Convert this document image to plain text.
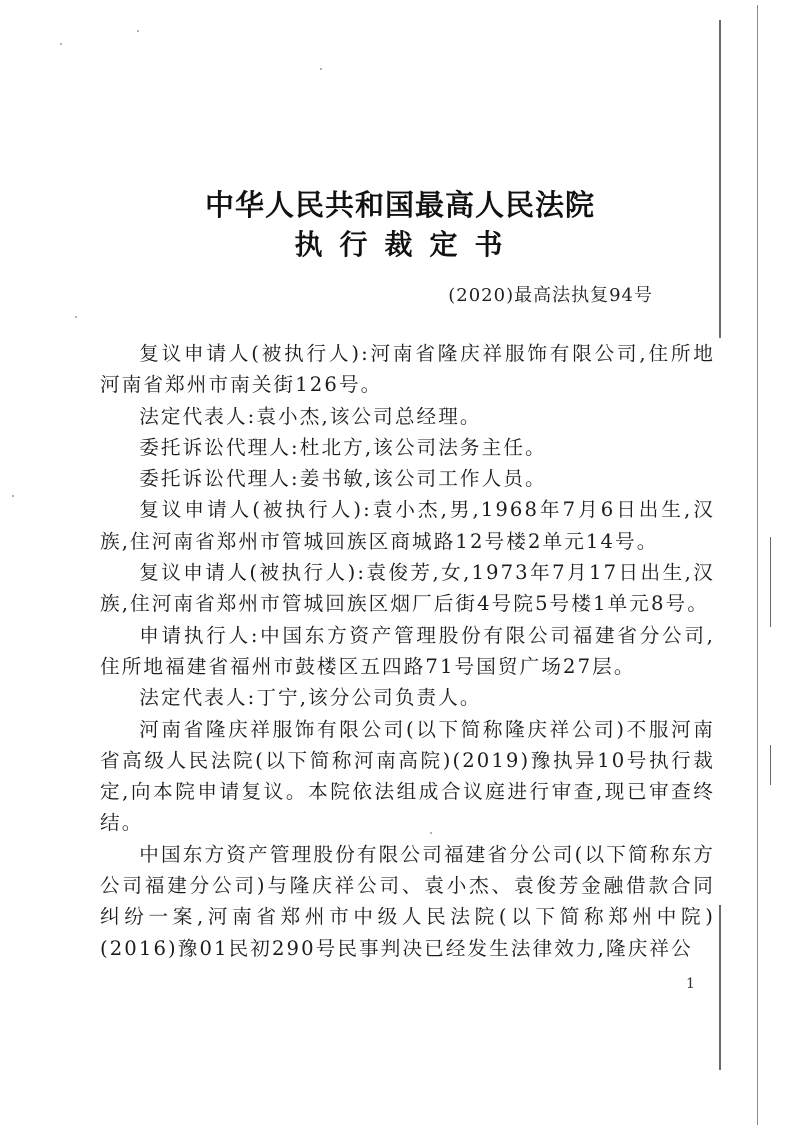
中华人民共和国最高人民法院
执行裁定书
(2020)最高法执复94号

复议申请人(被执行人):河南省隆庆祥服饰有限公司,住所地河南省郑州市南关街126号。

法定代表人:袁小杰,该公司总经理。

委托诉讼代理人:杜北方,该公司法务主任。

委托诉讼代理人:姜书敏,该公司工作人员。

复议申请人(被执行人):袁小杰,男,1968年7月6日出生,汉族,住河南省郑州市管城回族区商城路12号楼2单元14号。

复议申请人(被执行人):袁俊芳,女,1973年7月17日出生,汉族,住河南省郑州市管城回族区烟厂后街4号院5号楼1单元8号。

申请执行人:中国东方资产管理股份有限公司福建省分公司,住所地福建省福州市鼓楼区五四路71号国贸广场27层。

法定代表人:丁宁,该分公司负责人。

河南省隆庆祥服饰有限公司(以下简称隆庆祥公司)不服河南省高级人民法院(以下简称河南高院)(2019)豫执异10号执行裁定,向本院申请复议。本院依法组成合议庭进行审查,现已审查终结。

中国东方资产管理股份有限公司福建省分公司(以下简称东方公司福建分公司)与隆庆祥公司、袁小杰、袁俊芳金融借款合同纠纷一案,河南省郑州市中级人民法院(以下简称郑州中院)(2016)豫01民初290号民事判决已经发生法律效力,隆庆祥公

1
